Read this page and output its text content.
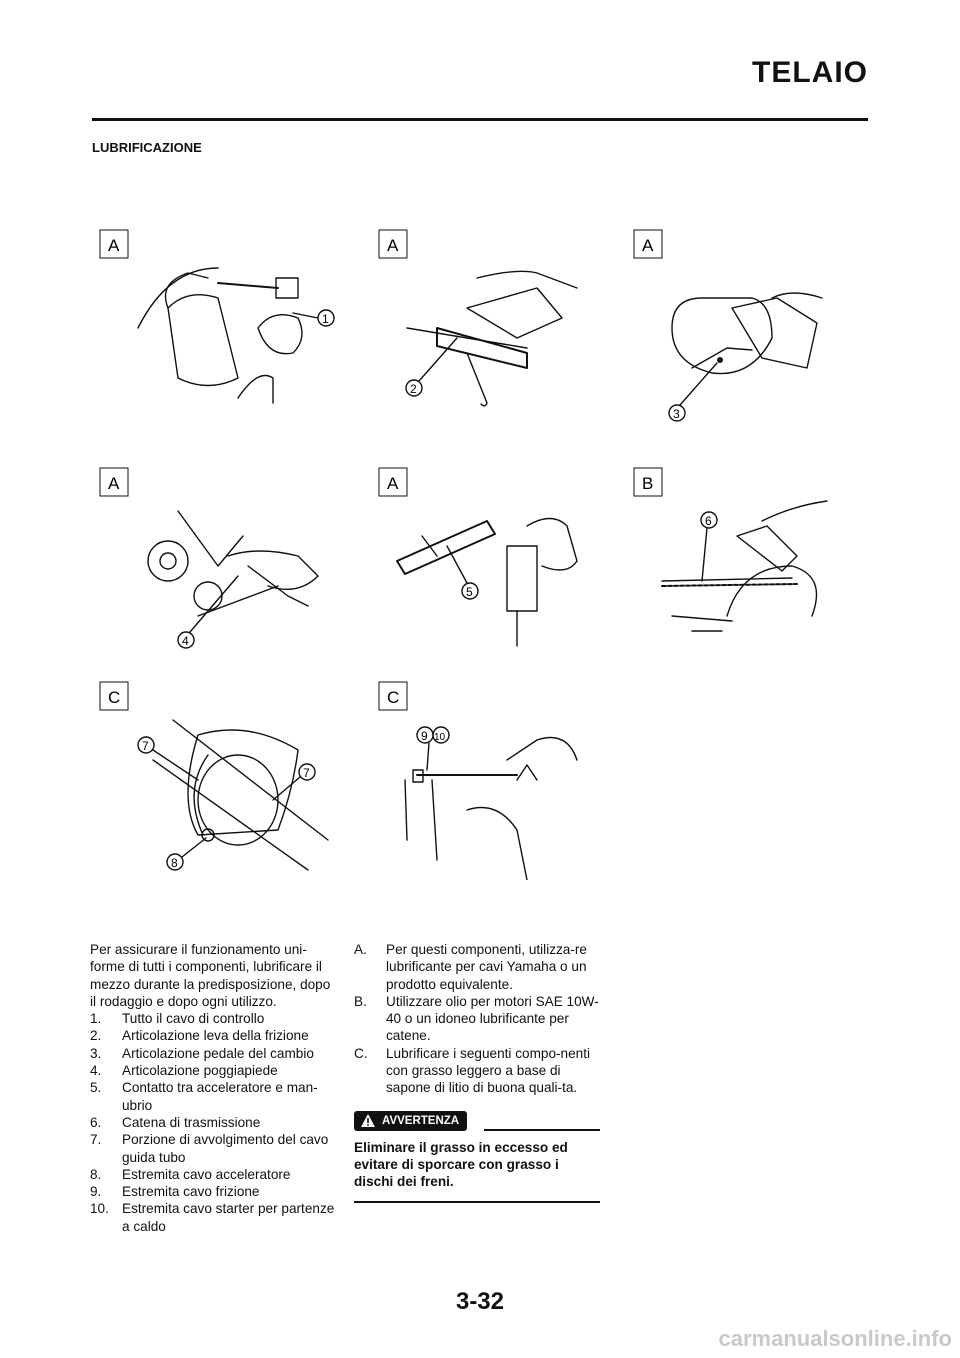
TELAIO
LUBRIFICAZIONE
A
1
A
2
A
3
A
4
A
5
B
6
C
7
7
8
C
9 10

Per assicurare il funzionamento uni-forme di tutti i componenti, lubrificare il mezzo durante la predisposizione, dopo il rodaggio e dopo ogni utilizzo.

1. Tutto il cavo di controllo
2. Articolazione leva della frizione
3. Articolazione pedale del cambio
4. Articolazione poggiapiede
5. Contatto tra acceleratore e man-ubrio
6. Catena di trasmissione
7. Porzione di avvolgimento del cavo guida tubo
8. Estremita cavo acceleratore
9. Estremita cavo frizione
10. Estremita cavo starter per partenze a caldo
A. Per questi componenti, utilizza-re lubrificante per cavi Yamaha o un prodotto equivalente.
B. Utilizzare olio per motori SAE 10W-40 o un idoneo lubrificante per catene.
C. Lubrificare i seguenti compo-nenti con grasso leggero a base di sapone di litio di buona quali-ta.
AVVERTENZA
Eliminare il grasso in eccesso ed evitare di sporcare con grasso i dischi dei freni.
3-32
carmanualsonline.info
